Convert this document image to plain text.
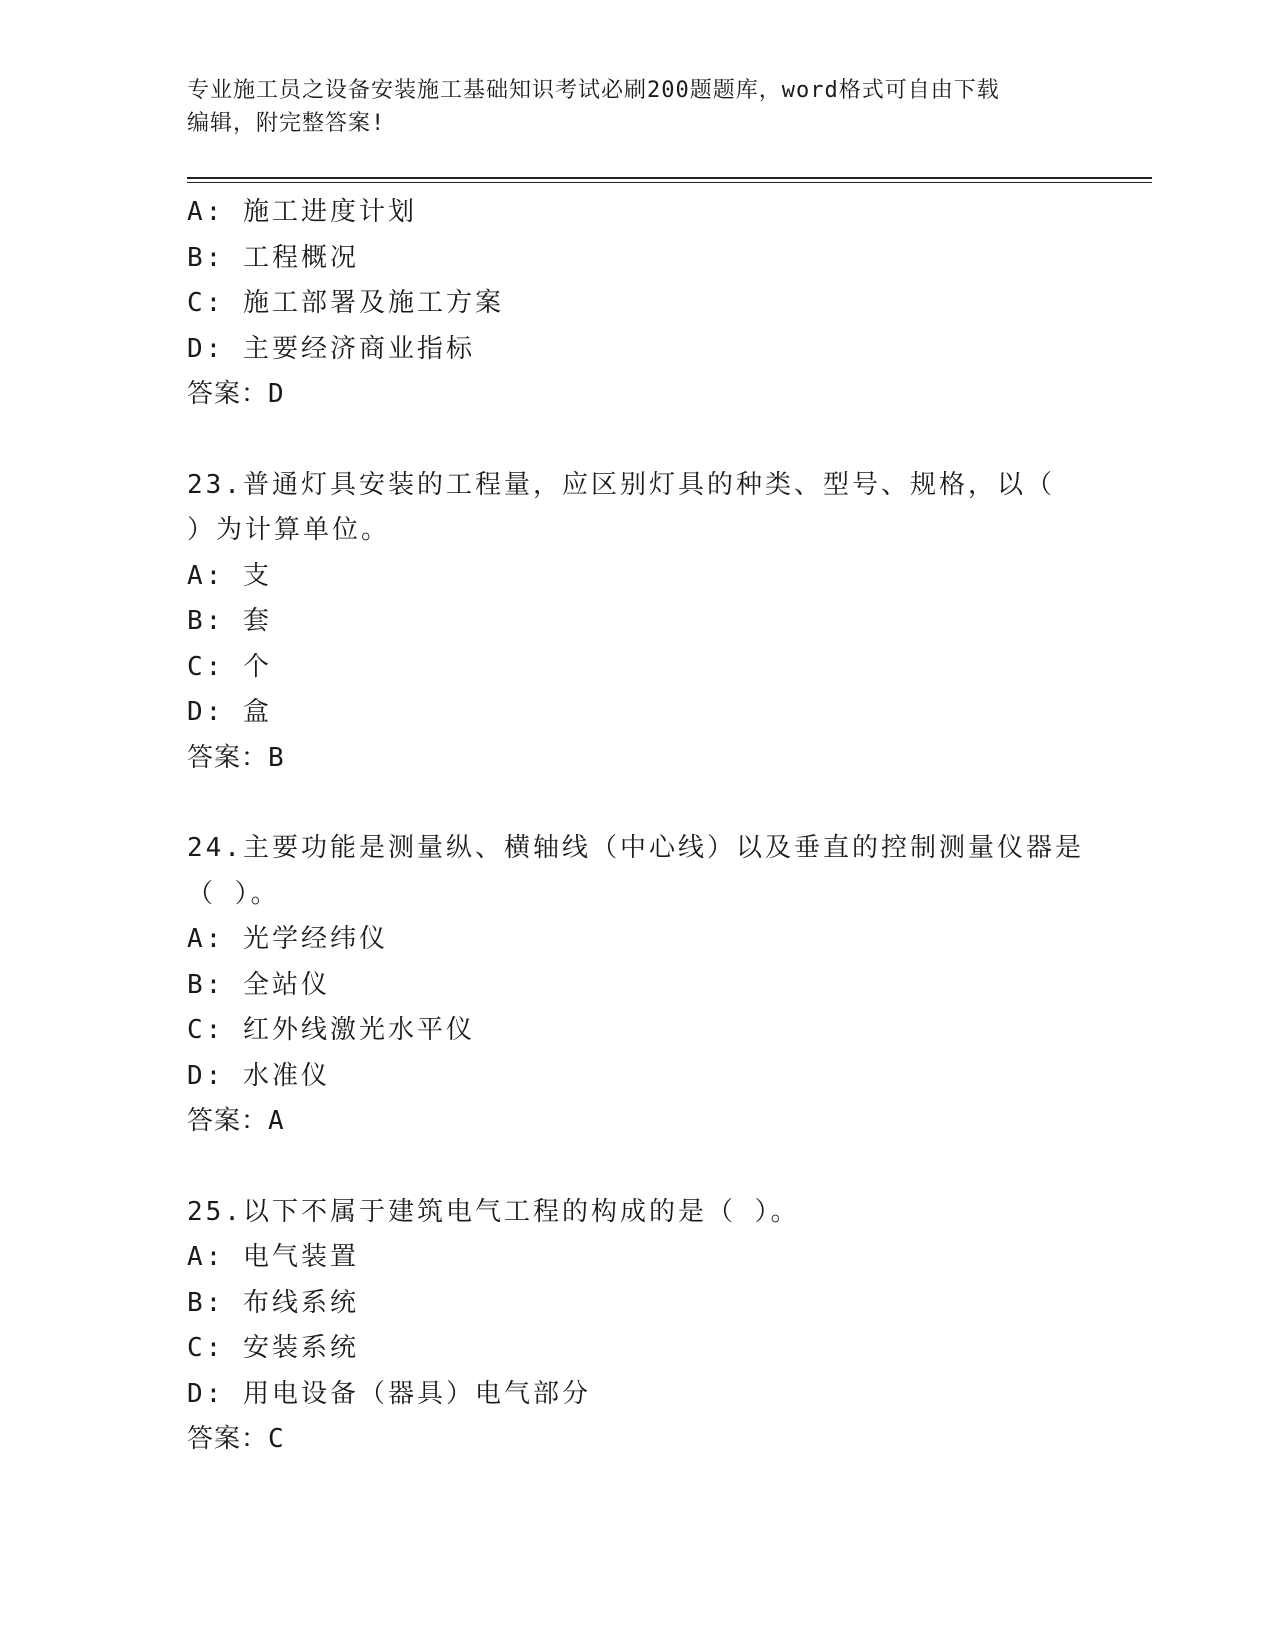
专业施工员之设备安装施工基础知识考试必刷200题题库，word格式可自由下载
编辑，附完整答案!
A: 施工进度计划
B: 工程概况
C: 施工部署及施工方案
D: 主要经济商业指标
答案：D
23.普通灯具安装的工程量，应区别灯具的种类、型号、规格，以（
）为计算单位。
A: 支
B: 套
C: 个
D: 盒
答案：B
24.主要功能是测量纵、横轴线（中心线）以及垂直的控制测量仪器是
（ ）。
A: 光学经纬仪
B: 全站仪
C: 红外线激光水平仪
D: 水准仪
答案：A
25.以下不属于建筑电气工程的构成的是（ ）。
A: 电气装置
B: 布线系统
C: 安装系统
D: 用电设备（器具）电气部分
答案：C
